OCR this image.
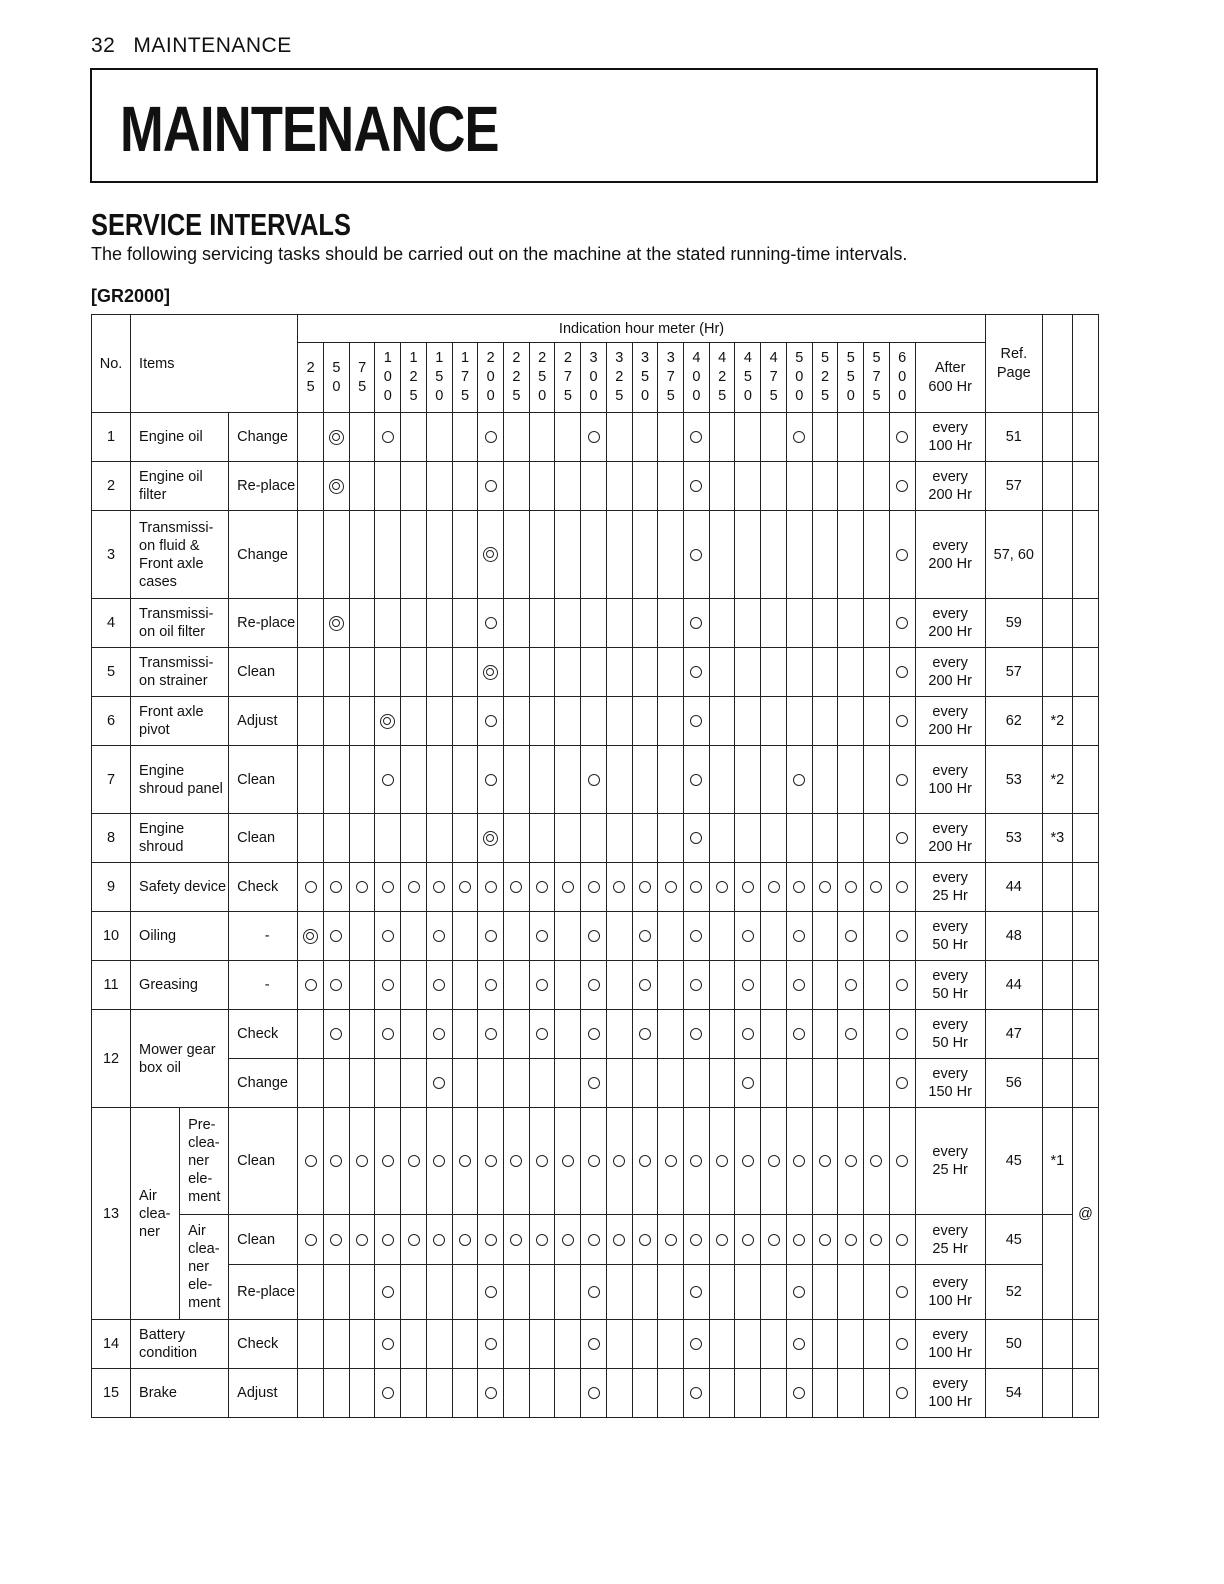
32 MAINTENANCE
MAINTENANCE
SERVICE INTERVALS
The following servicing tasks should be carried out on the machine at the stated running-time intervals.
[GR2000]
No.	Items			Indication hour meter (Hr)																									Ref. Page		
				25	50	75	100	125	150	175	200	225	250	275	300	325	350	375	400	425	450	475	500	525	550	575	600	After 600 Hr			
1	Engine oil		Change																									every 100 Hr	51		
2	Engine oil filter		Re-place																									every 200 Hr	57		
3	Transmissi-on fluid & Front axle cases		Change																									every 200 Hr	57, 60		
4	Transmissi-on oil filter		Re-place																									every 200 Hr	59		
5	Transmissi-on strainer		Clean																									every 200 Hr	57		
6	Front axle pivot		Adjust																									every 200 Hr	62	*2	
7	Engine shroud panel		Clean																									every 100 Hr	53	*2	
8	Engine shroud		Clean																									every 200 Hr	53	*3	
9	Safety device		Check																									every 25 Hr	44		
10	Oiling		-																									every 50 Hr	48		
11	Greasing		-																									every 50 Hr	44		
12	Mower gear box oil		Check																									every 50 Hr	47		
			Change																									every 150 Hr	56		
13	Air clea-ner	Pre-clea-ner ele-ment	Clean																									every 25 Hr	45	*1	@
		Air clea-ner ele-ment	Clean																									every 25 Hr	45		
			Re-place																									every 100 Hr	52		
14	Battery condition		Check																									every 100 Hr	50		
15	Brake		Adjust																									every 100 Hr	54		
